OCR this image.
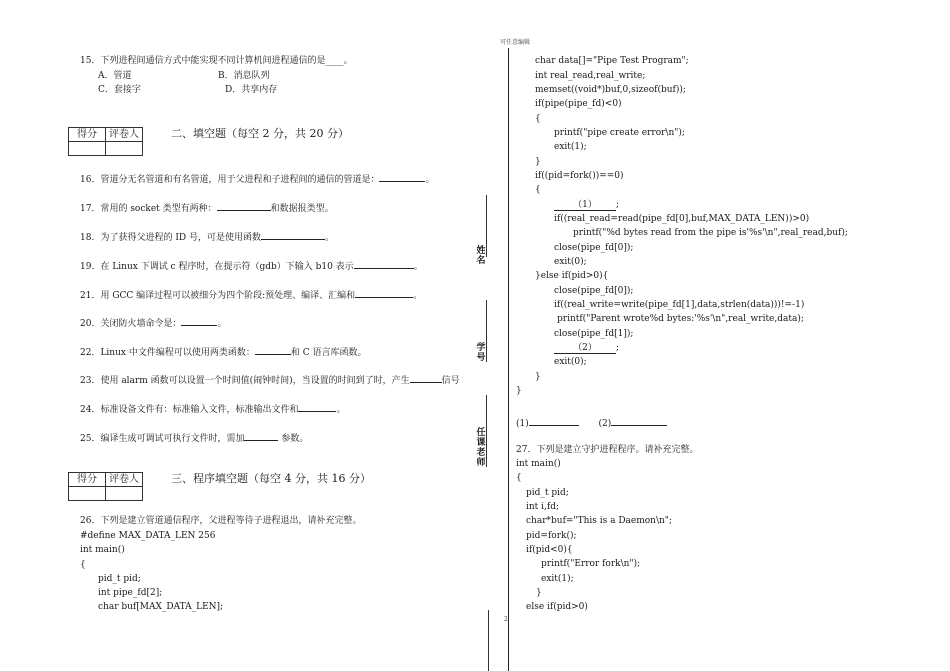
可任意编辑
15．下列进程间通信方式中能实现不同计算机间进程通信的是____。
A．管道	B．消息队列
C．套接字	D．共享内存
得分	评卷人
		二、填空题（每空 2 分，共 20 分）
16．管道分无名管道和有名管道，用于父进程和子进程间的通信的管道是：	。
17．常用的 socket 类型有两种：	和数据报类型。
18．为了获得父进程的 ID 号，可是使用函数	。
19．在 Linux 下调试 c 程序时，在提示符（gdb）下输入 b10 表示	。
21．用 GCC 编译过程可以被细分为四个阶段:预处理、编译、汇编和	。
20．关闭防火墙命令是：	。
22．Linux 中文件编程可以使用两类函数：	和 C 语言库函数。
23．使用 alarm 函数可以设置一个时间值(闹钟时间)，当设置的时间到了时，产生	信号
24．标准设备文件有：标准输入文件，标准输出文件和	。
25．编译生成可调试可执行文件时，需加	参数。
得分	评卷人
		三、程序填空题（每空 4 分，共 16 分）
26．下列是建立管道通信程序，父进程等待子进程退出，请补充完整。
#define MAX_DATA_LEN 256
int main()
{
pid_t pid;
int pipe_fd[2];
char buf[MAX_DATA_LEN];
姓名
学号
任课老师
2
char data[]="Pipe Test Program";
int real_read,real_write;
memset((void*)buf,0,sizeof(buf));
if(pipe(pipe_fd)<0)
{
printf("pipe create error\n");
exit(1);
}
if((pid=fork())==0)
{
（1） ;
if((real_read=read(pipe_fd[0],buf,MAX_DATA_LEN))>0)
printf("%d bytes read from the pipe is'%s'\n",real_read,buf);
close(pipe_fd[0]);
exit(0);
}else if(pid>0){
close(pipe_fd[0]);
if((real_write=write(pipe_fd[1],data,strlen(data)))!=-1)
printf("Parent wrote%d bytes:'%s'\n",real_write,data);
close(pipe_fd[1]);
（2） ;
exit(0);
}
}
(1)	(2)
27．下列是建立守护进程程序。请补充完整。
int main()
{
pid_t pid;
int i,fd;
char*buf="This is a Daemon\n";
pid=fork();
if(pid<0){
printf("Error fork\n");
exit(1);
}
else if(pid>0)
